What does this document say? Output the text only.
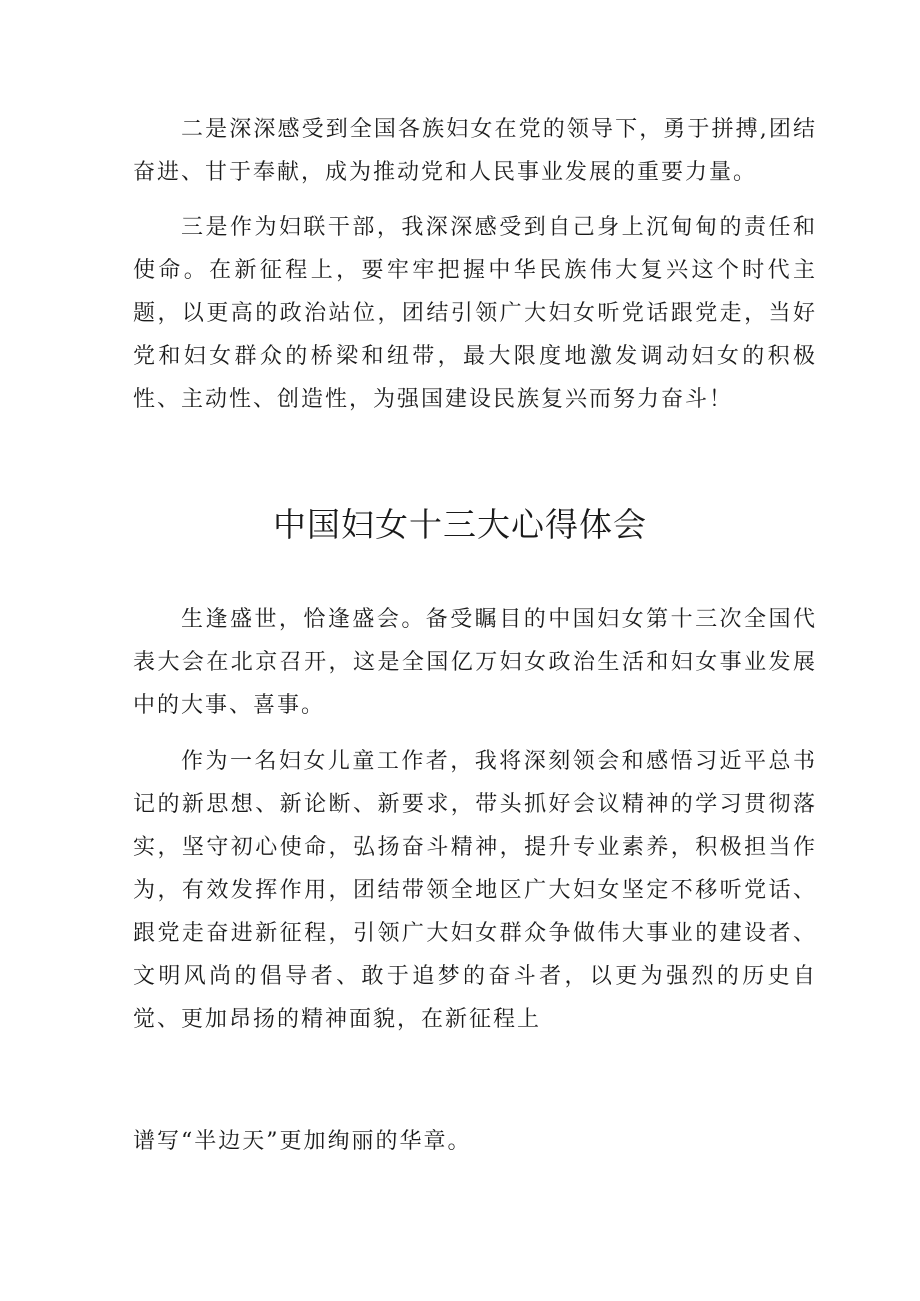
二是深深感受到全国各族妇女在党的领导下，勇于拼搏,团结奋进、甘于奉献，成为推动党和人民事业发展的重要力量。

三是作为妇联干部，我深深感受到自己身上沉甸甸的责任和使命。在新征程上，要牢牢把握中华民族伟大复兴这个时代主题，以更高的政治站位，团结引领广大妇女听党话跟党走，当好党和妇女群众的桥梁和纽带，最大限度地激发调动妇女的积极性、主动性、创造性，为强国建设民族复兴而努力奋斗！

中国妇女十三大心得体会

生逢盛世，恰逢盛会。备受瞩目的中国妇女第十三次全国代表大会在北京召开，这是全国亿万妇女政治生活和妇女事业发展中的大事、喜事。

作为一名妇女儿童工作者，我将深刻领会和感悟习近平总书记的新思想、新论断、新要求，带头抓好会议精神的学习贯彻落实，坚守初心使命，弘扬奋斗精神，提升专业素养，积极担当作为，有效发挥作用，团结带领全地区广大妇女坚定不移听党话、跟党走奋进新征程，引领广大妇女群众争做伟大事业的建设者、文明风尚的倡导者、敢于追梦的奋斗者，以更为强烈的历史自觉、更加昂扬的精神面貌，在新征程上

谱写“半边天”更加绚丽的华章。
